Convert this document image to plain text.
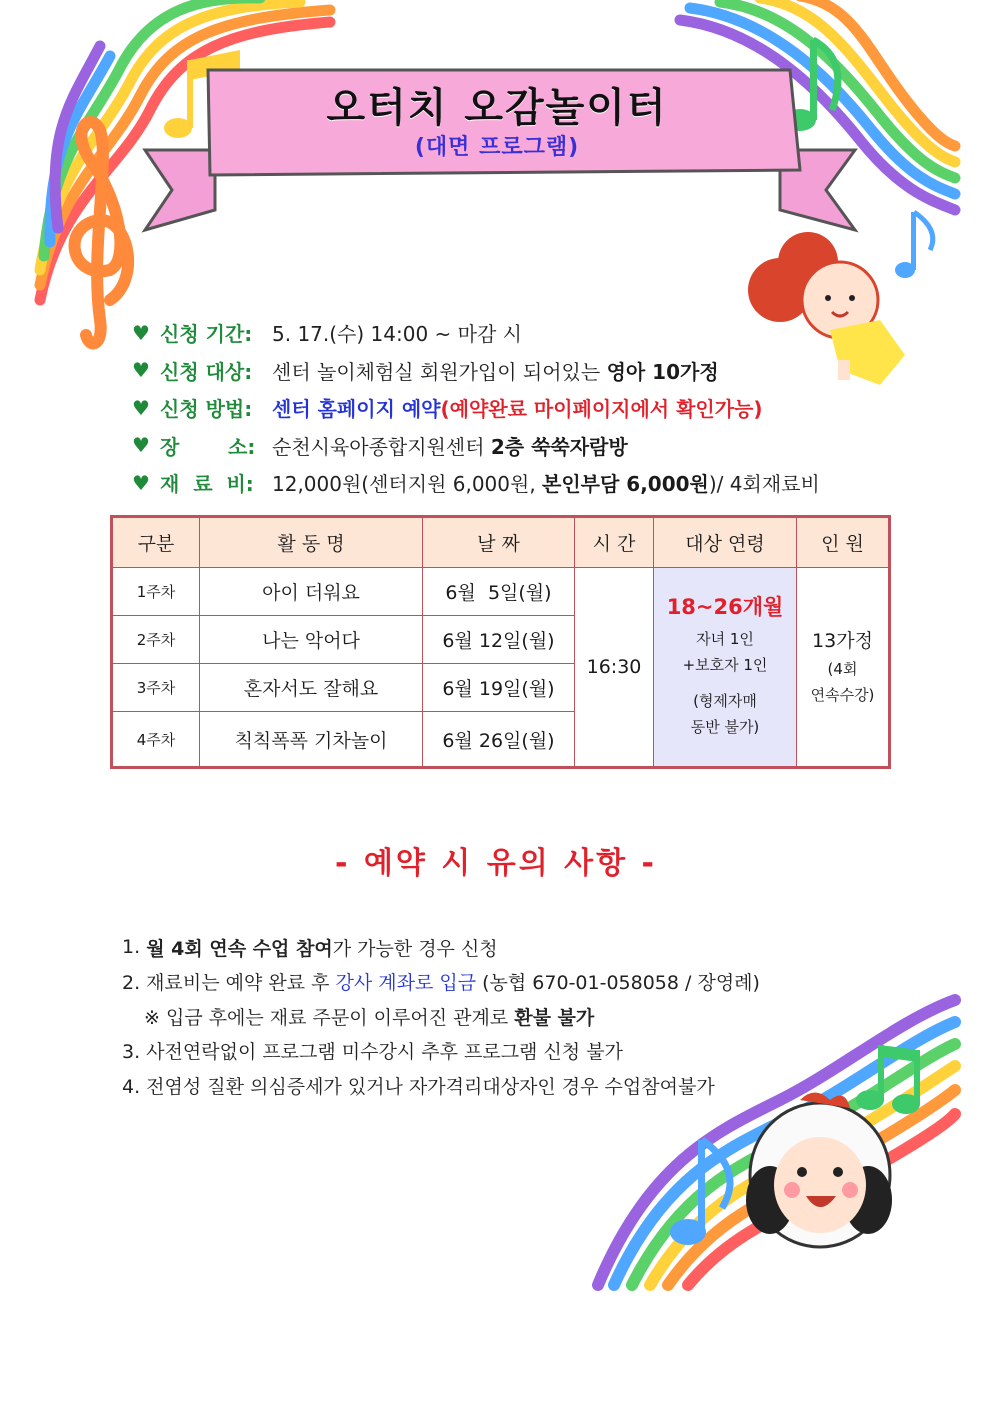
오터치 오감놀이터
(대면 프로그램)
♥ 신청 기간: 5. 17.(수) 14:00 ~ 마감 시
♥ 신청 대상: 센터 놀이체험실 회원가입이 되어있는
영아 10가정
♥ 신청 방법: 센터 홈페이지 예약 (예약완료 마이페이지에서 확인가능)
♥ 장       소: 순천시육아종합지원센터
2층 쑥쑥자람방
♥ 재  료  비: 12,000원(센터지원 6,000원,
본인부담 6,000원 )/ 4회재료비
구분	활 동 명	날 짜	시 간	대상 연령	인 원
1주차	아이 더워요	6월  5일(월)	16:30	18~26개월
자녀 1인
+보호자 1인

(형제자매
동반 불가)	13가정
(4회
연속수강)
2주차	나는 악어다	6월 12일(월)			
3주차	혼자서도 잘해요	6월 19일(월)			
4주차	칙칙폭폭 기차놀이	6월 26일(월)			
- 예약 시 유의 사항 -
1.
월 4회 연속 수업 참여 가 가능한 경우 신청
2. 재료비는 예약 완료 후
강사 계좌로 입금
(농협 670-01-058058 / 장영례)
※ 입금 후에는 재료 주문이 이루어진 관계로
환불 불가
3. 사전연락없이 프로그램 미수강시 추후 프로그램 신청 불가
4. 전염성 질환 의심증세가 있거나 자가격리대상자인 경우 수업참여불가
